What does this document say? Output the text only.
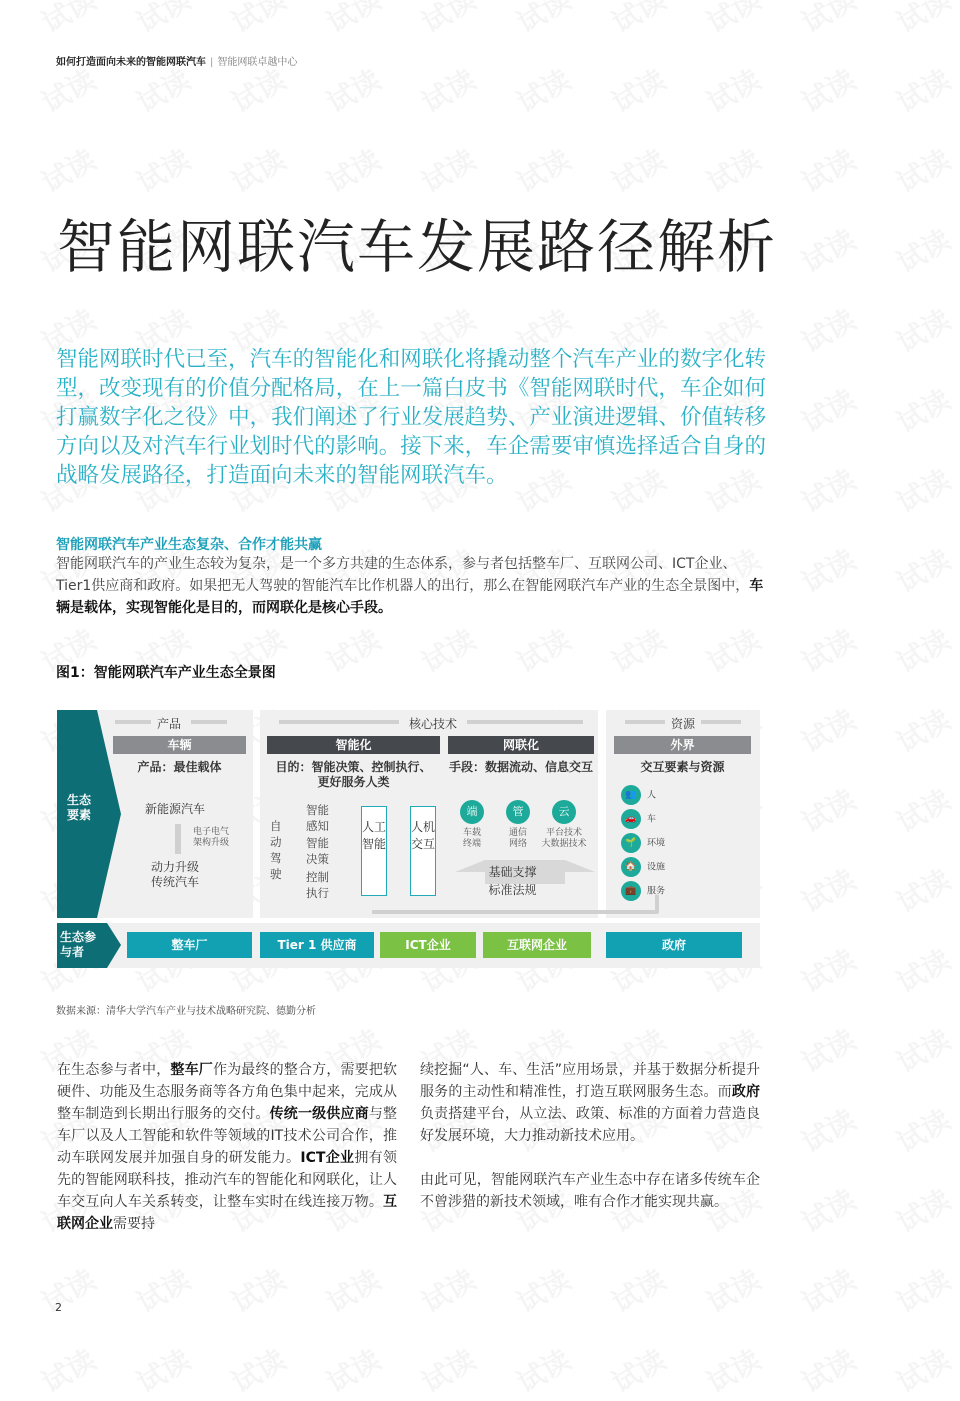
如何打造面向未来的智能网联汽车 | 智能网联卓越中心
智能网联汽车发展路径解析
智能网联时代已至，汽车的智能化和网联化将撬动整个汽车产业的数字化转型，改变现有的价值分配格局，在上一篇白皮书《智能网联时代，车企如何打赢数字化之役》中，我们阐述了行业发展趋势、产业演进逻辑、价值转移方向以及对汽车行业划时代的影响。接下来，车企需要审慎选择适合自身的战略发展路径，打造面向未来的智能网联汽车。
智能网联汽车产业生态复杂、合作才能共赢
智能网联汽车的产业生态较为复杂，是一个多方共建的生态体系，参与者包括整车厂、互联网公司、ICT企业、Tier1供应商和政府。如果把无人驾驶的智能汽车比作机器人的出行，那么在智能网联汽车产业的生态全景图中，车辆是载体，实现智能化是目的，而网联化是核心手段。
图1：智能网联汽车产业生态全景图
生态要素
生态参与者
产品
车辆
产品：最佳载体
新能源汽车
电子电气架构升级
动力升级
传统汽车
核心技术
智能化	网联化
目的：智能决策、控制执行、
更好服务人类
手段：数据流动、信息交互
自动驾驶
智能感知
智能决策
控制执行
人工智能
人机交互
端
车载
终端
管
通信
网络
云
平台技术
大数据技术
基础支撑
标准法规
资源
外界
交互要素与资源
👥 人
🚗 车
🌱 环境
🏠 设施
💼 服务
整车厂	Tier 1 供应商	ICT企业	互联网企业	政府
数据来源：清华大学汽车产业与技术战略研究院、德勤分析
在生态参与者中，整车厂作为最终的整合方，需要把软硬件、功能及生态服务商等各方角色集中起来，完成从整车制造到长期出行服务的交付。传统一级供应商与整车厂以及人工智能和软件等领域的IT技术公司合作，推动车联网发展并加强自身的研发能力。ICT企业拥有领先的智能网联科技，推动汽车的智能化和网联化，让人车交互向人车关系转变，让整车实时在线连接万物。互联网企业需要持

续挖掘“人、车、生活”应用场景，并基于数据分析提升服务的主动性和精准性，打造互联网服务生态。而政府负责搭建平台，从立法、政策、标准的方面着力营造良好发展环境，大力推动新技术应用。

由此可见，智能网联汽车产业生态中存在诸多传统车企不曾涉猎的新技术领域，唯有合作才能实现共赢。

2
